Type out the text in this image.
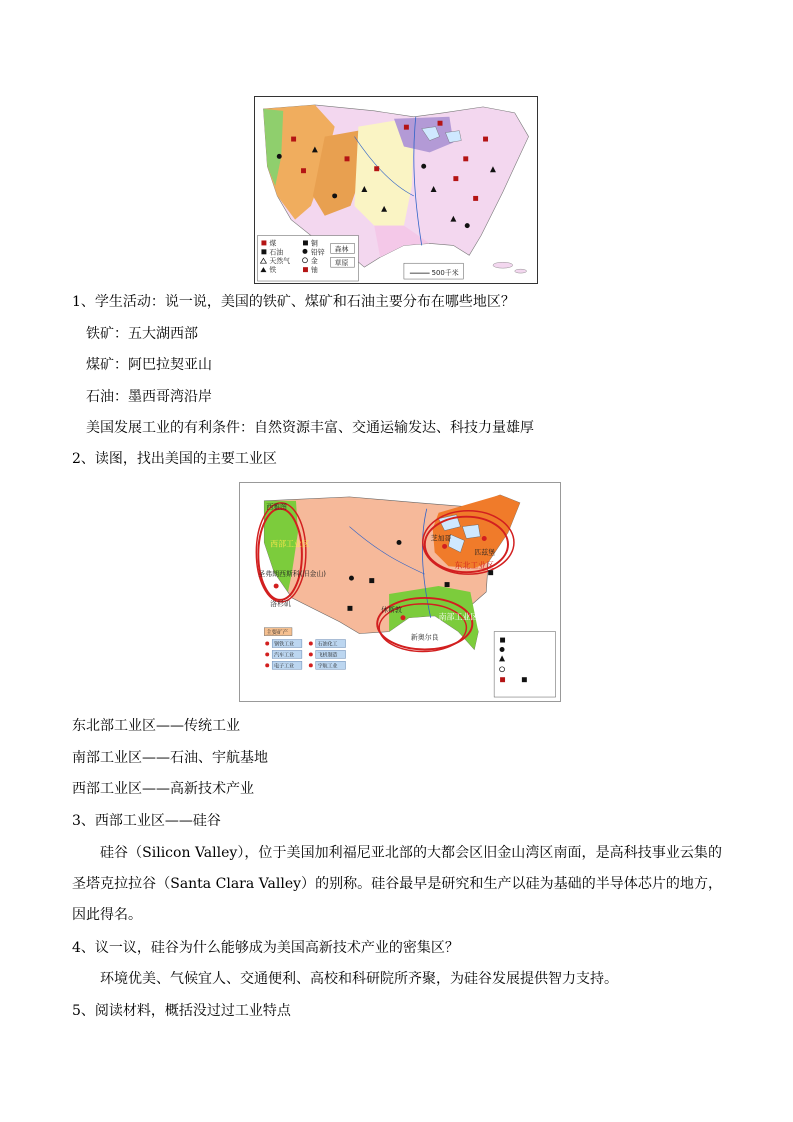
煤
石油
天然气
铁
铜
铅锌
金
铀
森林
草原
500千米
1、学生活动：说一说，美国的铁矿、煤矿和石油主要分布在哪些地区？
铁矿：五大湖西部
煤矿：阿巴拉契亚山
石油：墨西哥湾沿岸
美国发展工业的有利条件：自然资源丰富、交通运输发达、科技力量雄厚
2、读图，找出美国的主要工业区
西部工业区
东北工业区
南部工业区
西雅图
圣弗朗西斯科(旧金山)
洛杉矶
芝加哥
匹兹堡
休斯敦
新奥尔良
主要矿产
钢铁工业	石油化工
汽车工业	飞机制造
电子工业	宇航工业
东北部工业区——传统工业
南部工业区——石油、宇航基地
西部工业区——高新技术产业
3、西部工业区——硅谷
硅谷（Silicon Valley），位于美国加利福尼亚北部的大都会区旧金山湾区南面，是高科技事业云集的圣塔克拉拉谷（Santa Clara Valley）的别称。硅谷最早是研究和生产以硅为基础的半导体芯片的地方，因此得名。
4、议一议，硅谷为什么能够成为美国高新技术产业的密集区？
环境优美、气候宜人、交通便利、高校和科研院所齐聚，为硅谷发展提供智力支持。
5、阅读材料，概括没过过工业特点
